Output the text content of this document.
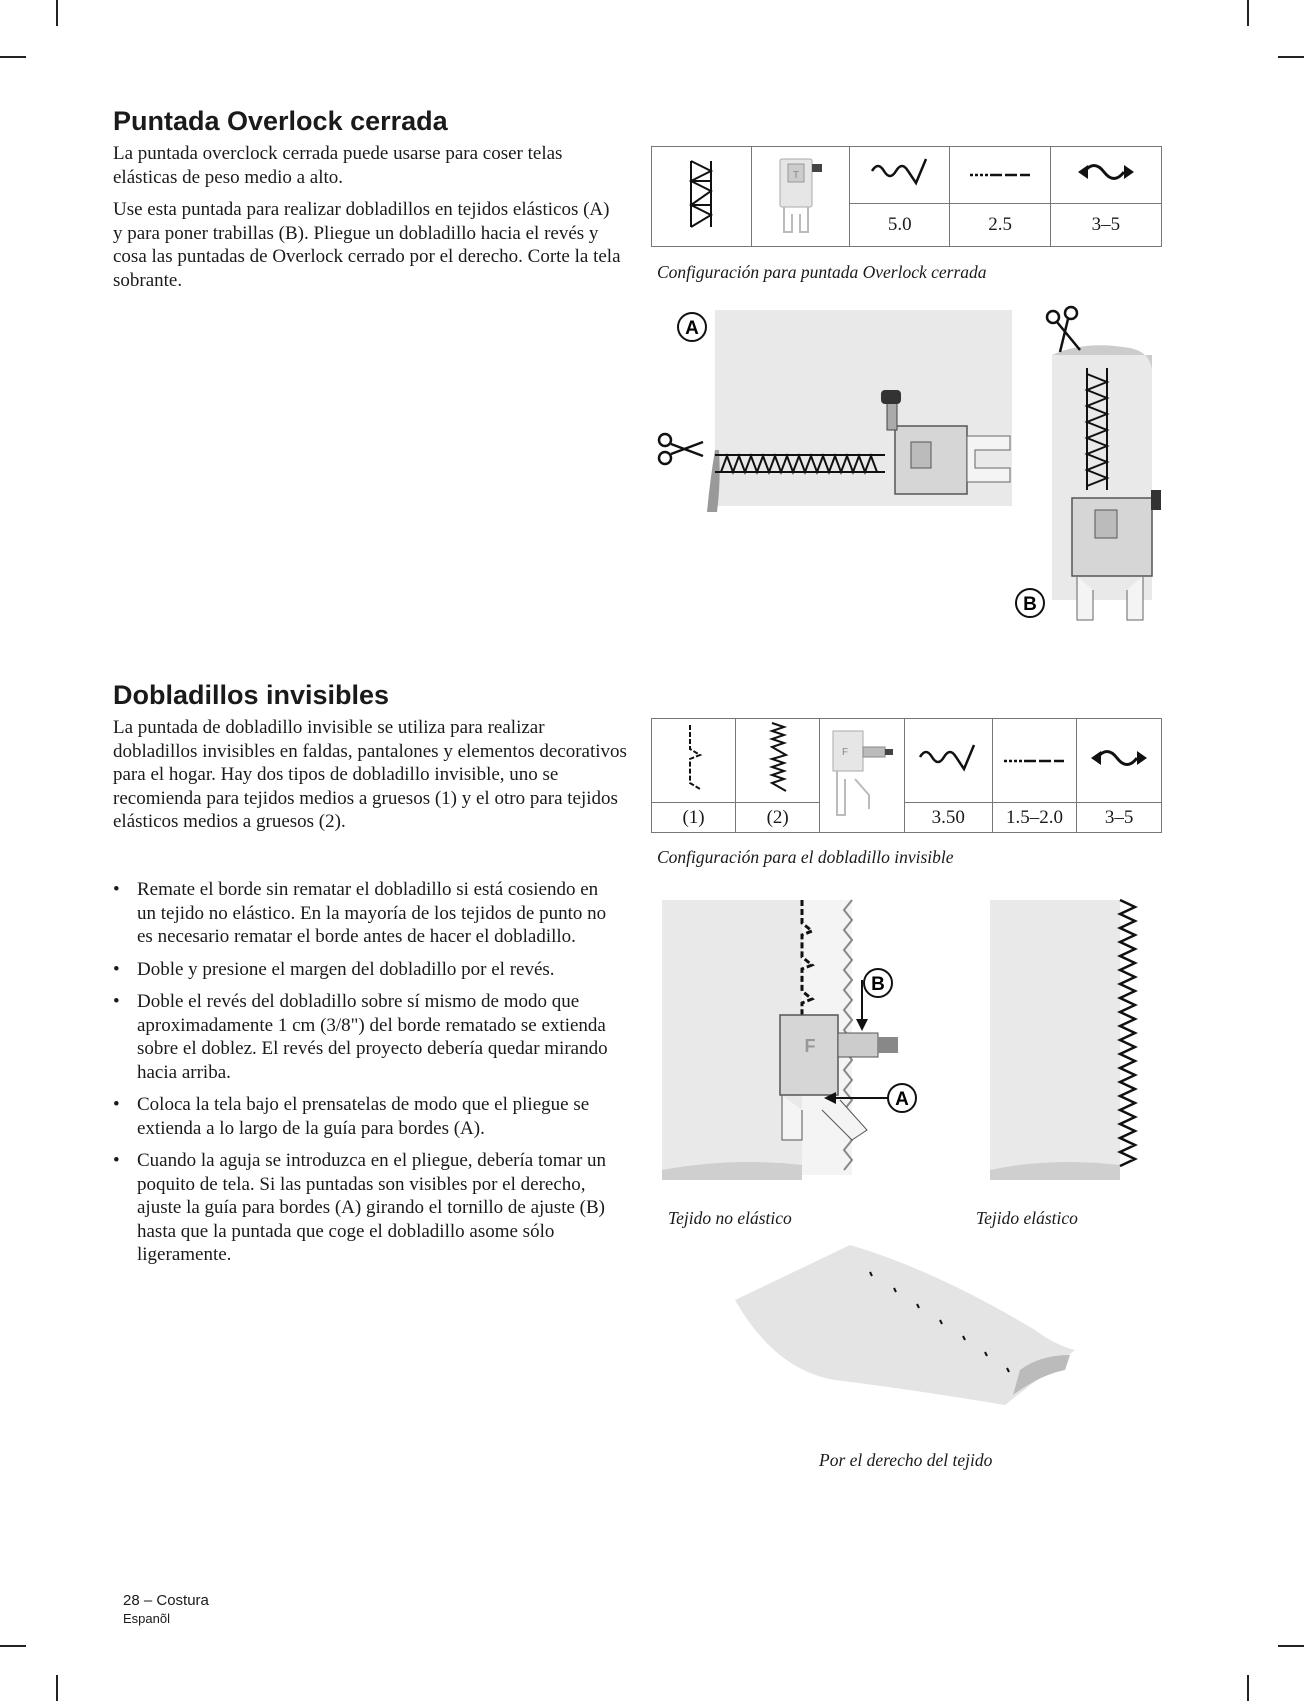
Puntada Overlock cerrada

La puntada overclock cerrada puede usarse para coser telas elásticas de peso medio a alto.

Use esta puntada para realizar dobladillos en tejidos elásticos (A) y para poner trabillas (B). Pliegue un dobladillo hacia el revés y cosa las puntadas de Overlock cerrado por el derecho. Corte la tela sobrante.

T

		5.0	2.5	3–5
Configuración para puntada Overlock cerrada
A
B
Dobladillos invisibles
La puntada de dobladillo invisible se utiliza para realizar dobladillos invisibles en faldas, pantalones y elementos decorativos para el hogar. Hay dos tipos de dobladillo invisible, uno se recomienda para tejidos medios a gruesos (1) y el otro para tejidos elásticos medios a gruesos (2).

F

(1)	(2)		3.50	1.5–2.0	3–5
Configuración para el dobladillo invisible
• Remate el borde sin rematar el dobladillo si está cosiendo en un tejido no elástico. En la mayoría de los tejidos de punto no es necesario rematar el borde antes de hacer el dobladillo.
• Doble y presione el margen del dobladillo por el revés.
• Doble el revés del dobladillo sobre sí mismo de modo que aproximadamente 1 cm (3/8") del borde rematado se extienda sobre el doblez. El revés del proyecto debería quedar mirando hacia arriba.
• Coloca la tela bajo el prensatelas de modo que el pliegue se extienda a lo largo de la guía para bordes (A).
• Cuando la aguja se introduzca en el pliegue, debería tomar un poquito de tela. Si las puntadas son visibles por el derecho, ajuste la guía para bordes (A) girando el tornillo de ajuste (B) hasta que la puntada que coge el dobladillo asome sólo ligeramente.
F
B
A
Tejido no elástico	Tejido elástico
Por el derecho del tejido
28 – Costura
Espanõl
